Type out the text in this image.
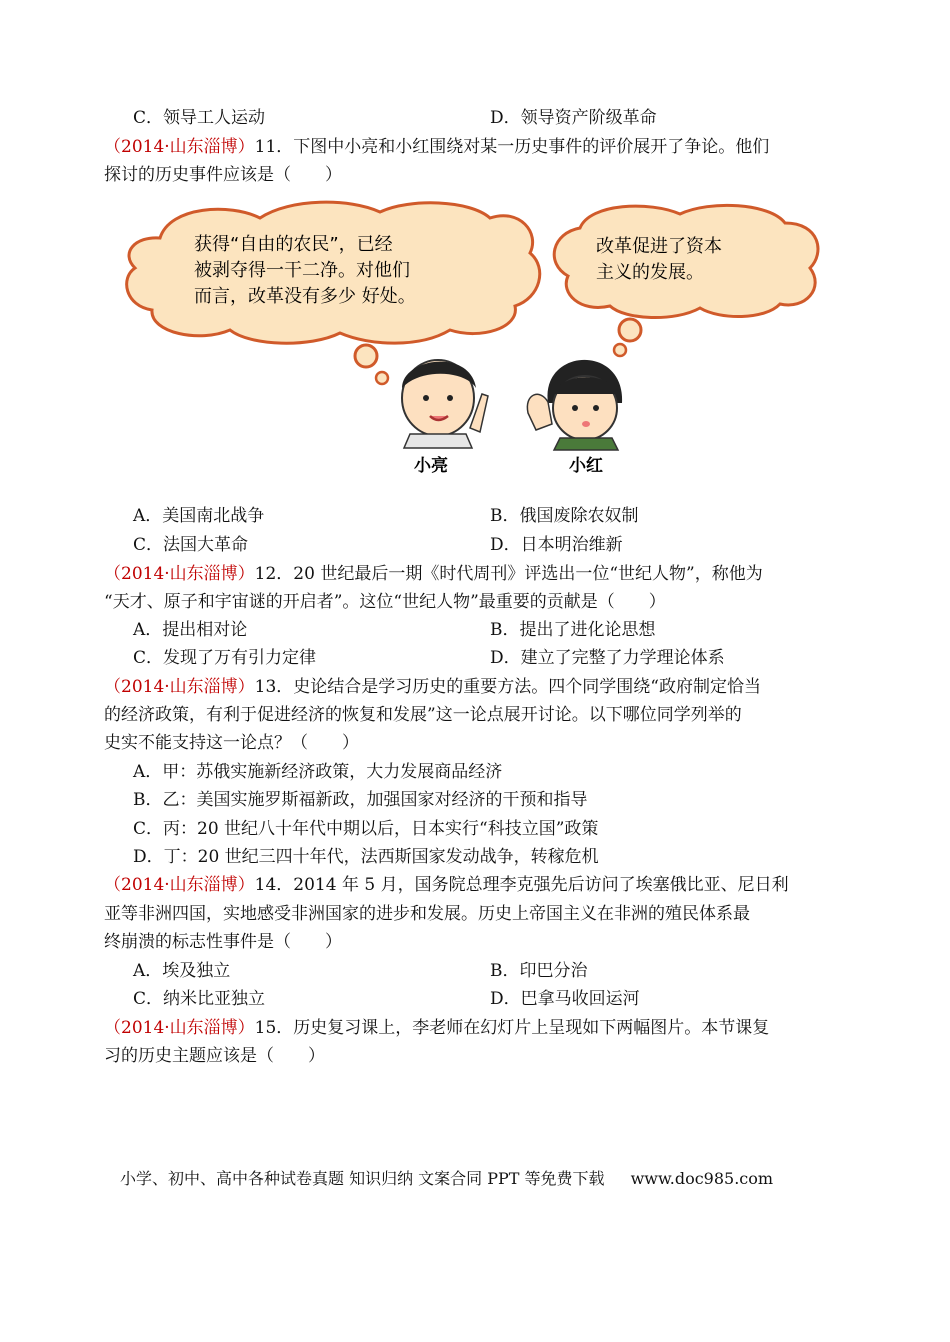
C．领导工人运动	D．领导资产阶级革命
（2014·山东淄博）11．下图中小亮和小红围绕对某一历史事件的评价展开了争论。他们
探讨的历史事件应该是（　　）
获得“自由的农民”，已经
被剥夺得一干二净。对他们
而言，改革没有多少 好处。
改革促进了资本
主义的发展。
小亮	小红
A．美国南北战争	B．俄国废除农奴制
C．法国大革命	D．日本明治维新
（2014·山东淄博）12．20 世纪最后一期《时代周刊》评选出一位“世纪人物”，称他为
“天才、原子和宇宙谜的开启者”。这位“世纪人物”最重要的贡献是（　　）
A．提出相对论	B．提出了进化论思想
C．发现了万有引力定律	D．建立了完整了力学理论体系
（2014·山东淄博）13．史论结合是学习历史的重要方法。四个同学围绕“政府制定恰当
的经济政策，有利于促进经济的恢复和发展”这一论点展开讨论。以下哪位同学列举的
史实不能支持这一论点？（　　）
A．甲：苏俄实施新经济政策，大力发展商品经济
B．乙：美国实施罗斯福新政，加强国家对经济的干预和指导
C．丙：20 世纪八十年代中期以后，日本实行“科技立国”政策
D．丁：20 世纪三四十年代，法西斯国家发动战争，转稼危机
（2014·山东淄博）14．2014 年 5 月，国务院总理李克强先后访问了埃塞俄比亚、尼日利
亚等非洲四国，实地感受非洲国家的进步和发展。历史上帝国主义在非洲的殖民体系最
终崩溃的标志性事件是（　　）
A．埃及独立	B．印巴分治
C．纳米比亚独立	D．巴拿马收回运河
（2014·山东淄博）15．历史复习课上，李老师在幻灯片上呈现如下两幅图片。本节课复
习的历史主题应该是（　　）
小学、初中、高中各种试卷真题 知识归纳 文案合同 PPT 等免费下载 www.doc985.com
